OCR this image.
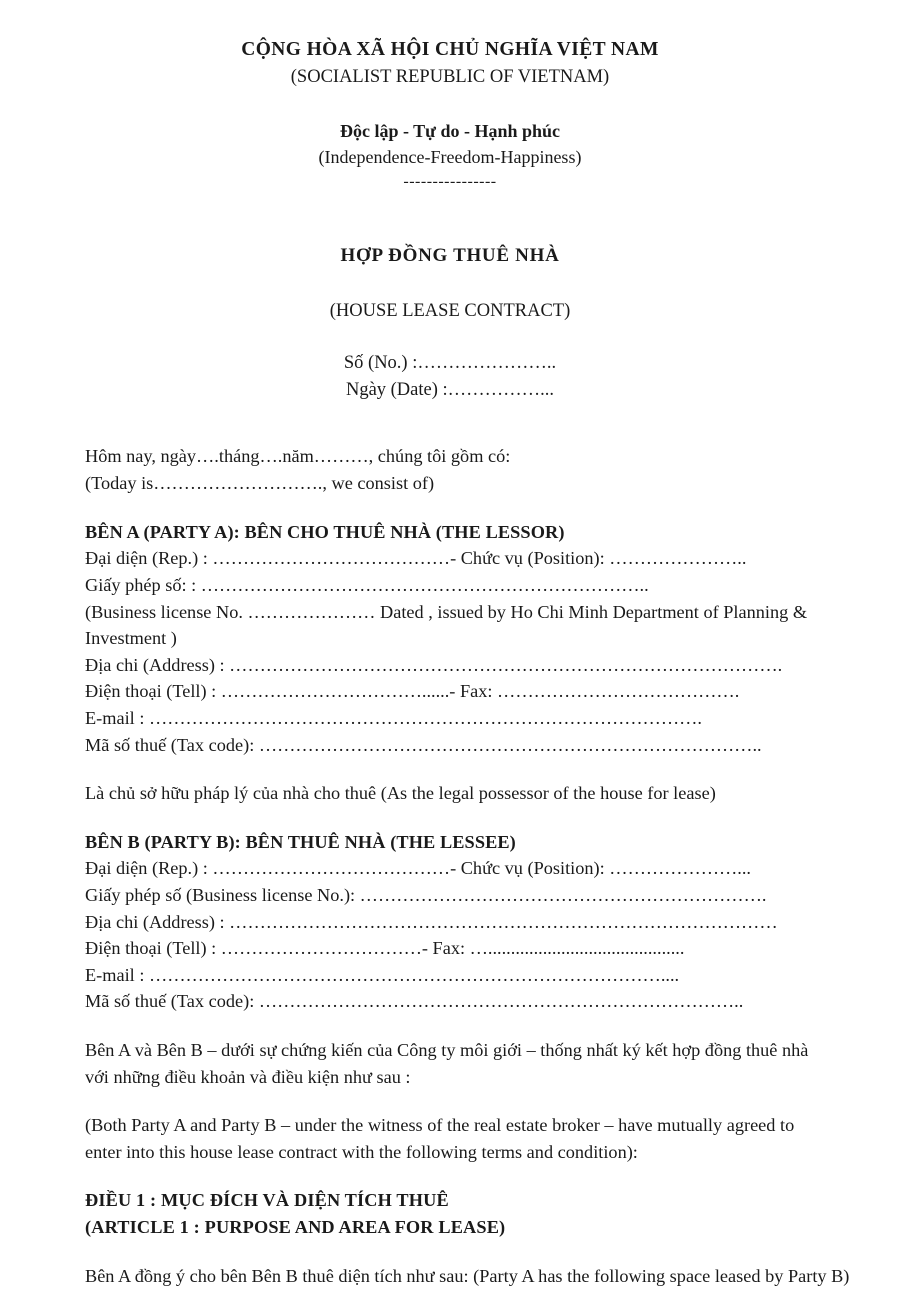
CỘNG HÒA XÃ HỘI CHỦ NGHĨA VIỆT NAM
(SOCIALIST REPUBLIC OF VIETNAM)
Độc lập - Tự do - Hạnh phúc
(Independence-Freedom-Happiness)
----------------
HỢP ĐỒNG THUÊ NHÀ
(HOUSE LEASE CONTRACT)
Số (No.) :…………………..
Ngày (Date) :……………...

Hôm nay, ngày….tháng….năm………, chúng tôi gồm có:

(Today is………………………., we consist of)

BÊN A (PARTY A): BÊN CHO THUÊ NHÀ (THE LESSOR)

Đại diện (Rep.) : …………………………………- Chức vụ (Position): …………………..

Giấy phép số: : ………………………………………………………………..

(Business license No. ………………… Dated , issued by Ho Chi Minh Department of Planning & Investment )

Địa chi (Address) : ……………………………………………………………………………….

Điện thoại (Tell) : ……………………………......- Fax: ………………………………….

E-mail : ……………………………………………………………………………….

Mã số thuế (Tax code): ………………………………………………………………………..

Là chủ sở hữu pháp lý của nhà cho thuê (As the legal possessor of the house for lease)

BÊN B (PARTY B): BÊN THUÊ NHÀ (THE LESSEE)

Đại diện (Rep.) : …………………………………- Chức vụ (Position): …………………...

Giấy phép số (Business license No.): ………………………………………………………….

Địa chi (Address) : ………………………………………………………………………………

Điện thoại (Tell) : ……………………………- Fax: …...........................................

E-mail : …………………………………………………………………………....

Mã số thuế (Tax code): ……………………………………………………………………..

Bên A và Bên B – dưới sự chứng kiến của Công ty môi giới – thống nhất ký kết hợp đồng thuê nhà với những điều khoản và điều kiện như sau :

(Both Party A and Party B – under the witness of the real estate broker – have mutually agreed to enter into this house lease contract with the following terms and condition):

ĐIỀU 1 : MỤC ĐÍCH VÀ DIỆN TÍCH THUÊ

(ARTICLE 1 : PURPOSE AND AREA FOR LEASE)

Bên A đồng ý cho bên Bên B thuê diện tích như sau: (Party A has the following space leased by Party B)
